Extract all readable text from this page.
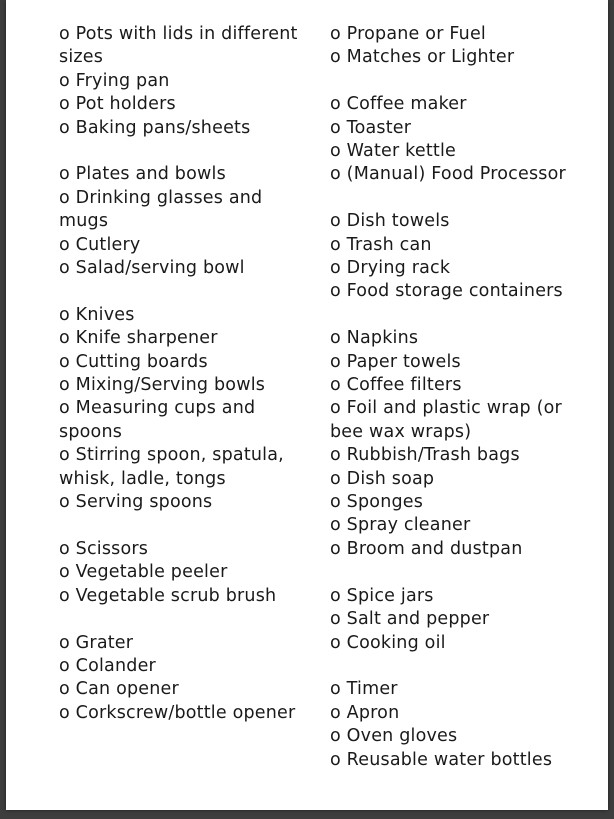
o Pots with lids in different sizes
o Frying pan
o Pot holders
o Baking pans/sheets
o Plates and bowls
o Drinking glasses and mugs
o Cutlery
o Salad/serving bowl
o Knives
o Knife sharpener
o Cutting boards
o Mixing/Serving bowls
o Measuring cups and spoons
o Stirring spoon, spatula, whisk, ladle, tongs
o Serving spoons
o Scissors
o Vegetable peeler
o Vegetable scrub brush
o Grater
o Colander
o Can opener
o Corkscrew/bottle opener
o Propane or Fuel
o Matches or Lighter
o Coffee maker
o Toaster
o Water kettle
o (Manual) Food Processor
o Dish towels
o Trash can
o Drying rack
o Food storage containers
o Napkins
o Paper towels
o Coffee filters
o Foil and plastic wrap (or bee wax wraps)
o Rubbish/Trash bags
o Dish soap
o Sponges
o Spray cleaner
o Broom and dustpan
o Spice jars
o Salt and pepper
o Cooking oil
o Timer
o Apron
o Oven gloves
o Reusable water bottles
